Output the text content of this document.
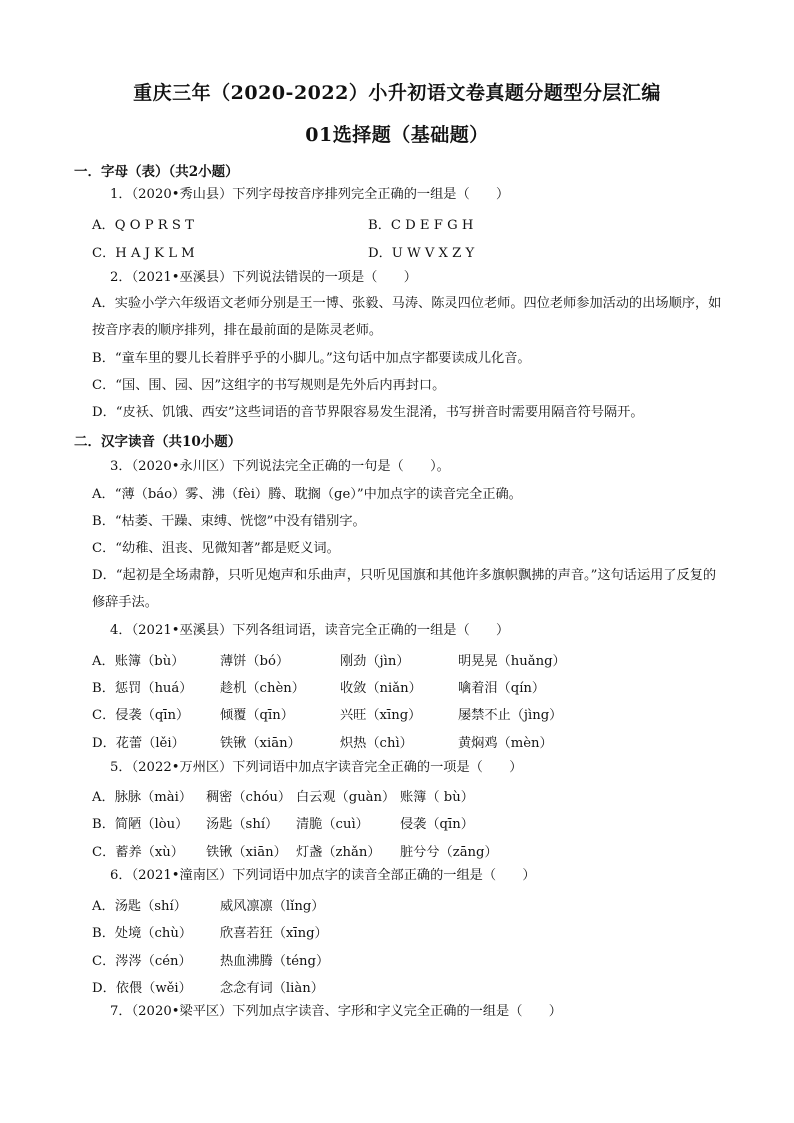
重庆三年（2020-2022）小升初语文卷真题分题型分层汇编
01选择题（基础题）
一．字母（表）（共2小题）
1．（2020•秀山县）下列字母按音序排列完全正确的一组是（　　）
A．Q O P R S T	B．C D E F G H
C．H A J K L M	D．U W V X Z Y
2．（2021•巫溪县）下列说法错误的一项是（　　）
A．实验小学六年级语文老师分别是王一博、张毅、马涛、陈灵四位老师。四位老师参加活动的出场顺序，如按音序表的顺序排列，排在最前面的是陈灵老师。
B．“童车里的婴儿长着胖乎乎的小脚儿。”这句话中加点字都要读成儿化音。
C．“国、围、园、因”这组字的书写规则是先外后内再封口。
D．“皮袄、饥饿、西安”这些词语的音节界限容易发生混淆，书写拼音时需要用隔音符号隔开。
二．汉字读音（共10小题）
3．（2020•永川区）下列说法完全正确的一句是（　　）。
A．“薄（báo）雾、沸（fèi）腾、耽搁（ɡe）”中加点字的读音完全正确。
B．“枯萎、干躁、束缚、恍惚”中没有错别字。
C．“幼稚、沮丧、见微知著”都是贬义词。
D．“起初是全场肃静，只听见炮声和乐曲声，只听见国旗和其他许多旗帜飘拂的声音。”这句话运用了反复的修辞手法。
4．（2021•巫溪县）下列各组词语，读音完全正确的一组是（　　）
A．账簿（bù）	薄饼（bó）	刚劲（jìn）	明晃晃（huǎng）
B．惩罚（huá） 趁机（chèn）	收敛（niǎn）	噙着泪（qín）
C．侵袭（qīn） 倾覆（qīn）	兴旺（xīng）	屡禁不止（jìng）
D．花蕾（lěi）	铁锹（xiān）	炽热（chì）	黄焖鸡（mèn）
5．（2022•万州区）下列词语中加点字读音完全正确的一项是（　　）
A．脉脉（mài） 稠密（chóu） 白云观（guàn） 账簿（ bù）
B．简陋（lòu） 汤匙（shí） 清脆（cuì） 侵袭（qīn）
C．蓄养（xù） 铁锹（xiān） 灯盏（zhǎn） 脏兮兮（zāng）
6．（2021•潼南区）下列词语中加点字的读音全部正确的一组是（　　）
A．汤匙（shí）	威风凛凛（lǐng）
B．处境（chù） 欣喜若狂（xīng）
C．涔涔（cén） 热血沸腾（téng）
D．依偎（wěi） 念念有词（liàn）
7．（2020•梁平区）下列加点字读音、字形和字义完全正确的一组是（　　）
